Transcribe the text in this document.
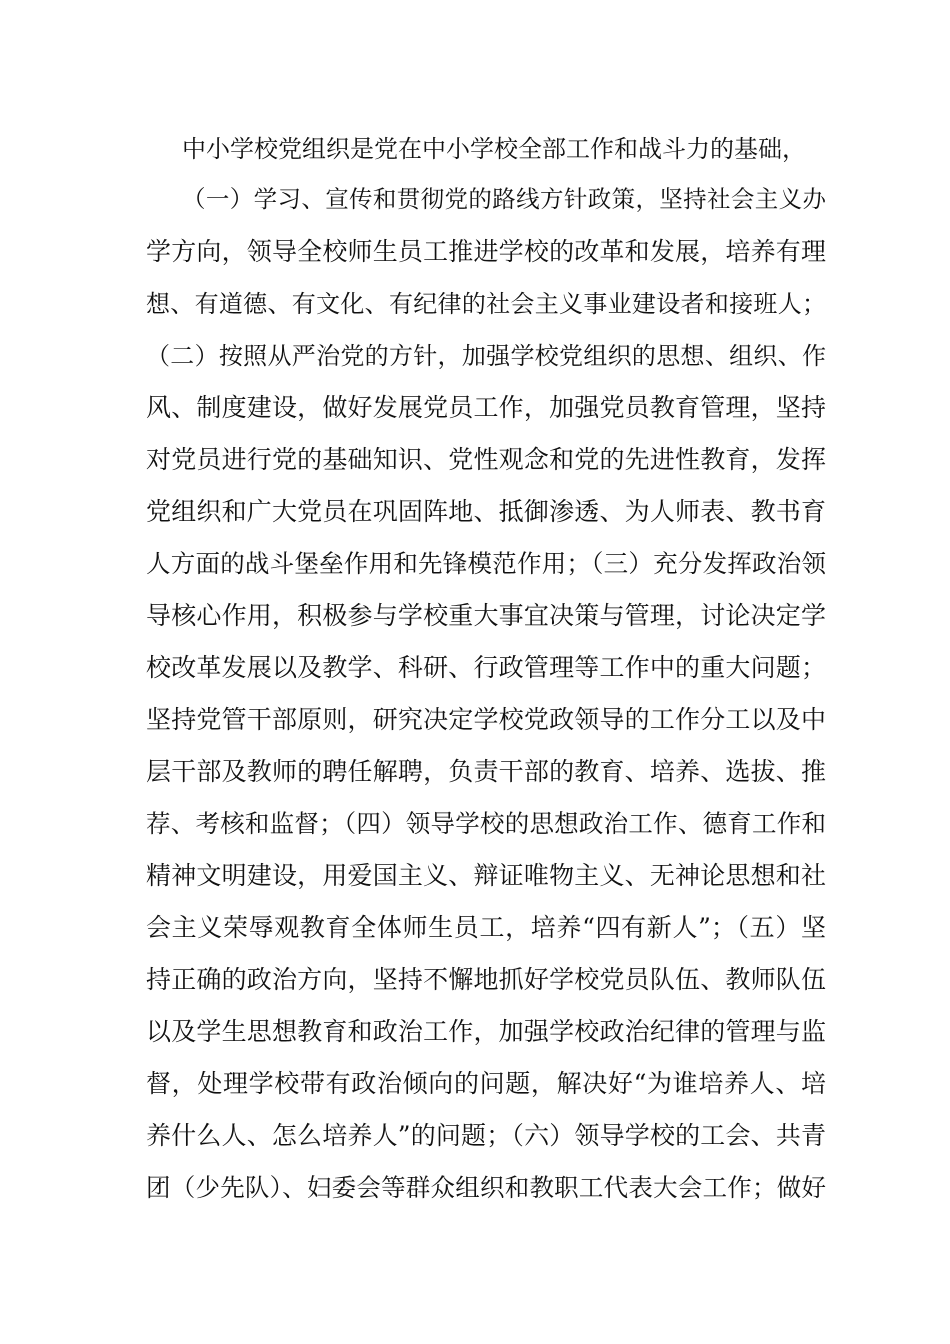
中小学校党组织是党在中小学校全部工作和战斗力的基础，
（一）学习、宣传和贯彻党的路线方针政策，坚持社会主义办
学方向，领导全校师生员工推进学校的改革和发展，培养有理
想、有道德、有文化、有纪律的社会主义事业建设者和接班人；
（二）按照从严治党的方针，加强学校党组织的思想、组织、作
风、制度建设，做好发展党员工作，加强党员教育管理，坚持
对党员进行党的基础知识、党性观念和党的先进性教育，发挥
党组织和广大党员在巩固阵地、抵御渗透、为人师表、教书育
人方面的战斗堡垒作用和先锋模范作用；（三）充分发挥政治领
导核心作用，积极参与学校重大事宜决策与管理，讨论决定学
校改革发展以及教学、科研、行政管理等工作中的重大问题；
坚持党管干部原则，研究决定学校党政领导的工作分工以及中
层干部及教师的聘任解聘，负责干部的教育、培养、选拔、推
荐、考核和监督；（四）领导学校的思想政治工作、德育工作和
精神文明建设，用爱国主义、辩证唯物主义、无神论思想和社
会主义荣辱观教育全体师生员工，培养“四有新人”；（五）坚
持正确的政治方向，坚持不懈地抓好学校党员队伍、教师队伍
以及学生思想教育和政治工作，加强学校政治纪律的管理与监
督，处理学校带有政治倾向的问题，解决好“为谁培养人、培
养什么人、怎么培养人”的问题；（六）领导学校的工会、共青
团（少先队）、妇委会等群众组织和教职工代表大会工作；做好
